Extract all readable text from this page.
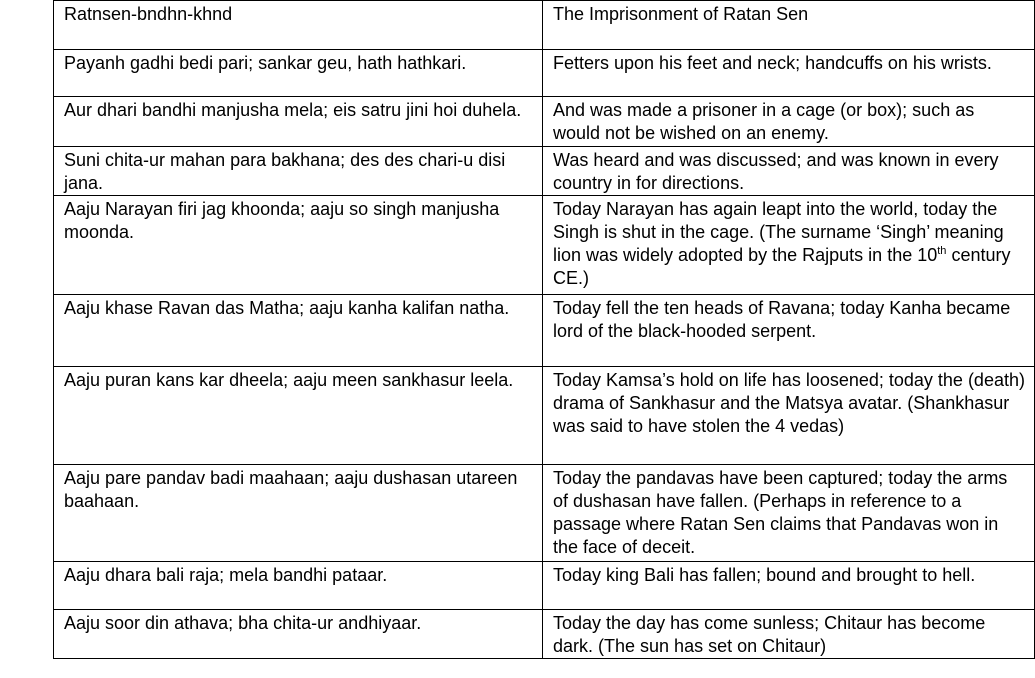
Ratnsen-bndhn-khnd	The Imprisonment of Ratan Sen
Payanh gadhi bedi pari; sankar geu, hath hathkari.	Fetters upon his feet and neck; handcuffs on his wrists.
Aur dhari bandhi manjusha mela; eis satru jini hoi duhela.	And was made a prisoner in a cage (or box); such as would not be wished on an enemy.
Suni chita-ur mahan para bakhana; des des chari-u disi jana.	Was heard and was discussed; and was known in every country in for directions.
Aaju Narayan firi jag khoonda; aaju so singh manjusha moonda.	Today Narayan has again leapt into the world, today the Singh is shut in the cage. (The surname ‘Singh’ meaning lion was widely adopted by the Rajputs in the 10th century CE.)
Aaju khase Ravan das Matha; aaju kanha kalifan natha.	Today fell the ten heads of Ravana; today Kanha became lord of the black-hooded serpent.
Aaju puran kans kar dheela; aaju meen sankhasur leela.	Today Kamsa’s hold on life has loosened; today the (death) drama of Sankhasur and the Matsya avatar. (Shankhasur was said to have stolen the 4 vedas)
Aaju pare pandav badi maahaan; aaju dushasan utareen baahaan.	Today the pandavas have been captured; today the arms of dushasan have fallen. (Perhaps in reference to a passage where Ratan Sen claims that Pandavas won in the face of deceit.
Aaju dhara bali raja; mela bandhi pataar.	Today king Bali has fallen; bound and brought to hell.
Aaju soor din athava; bha chita-ur andhiyaar.	Today the day has come sunless; Chitaur has become dark. (The sun has set on Chitaur)
